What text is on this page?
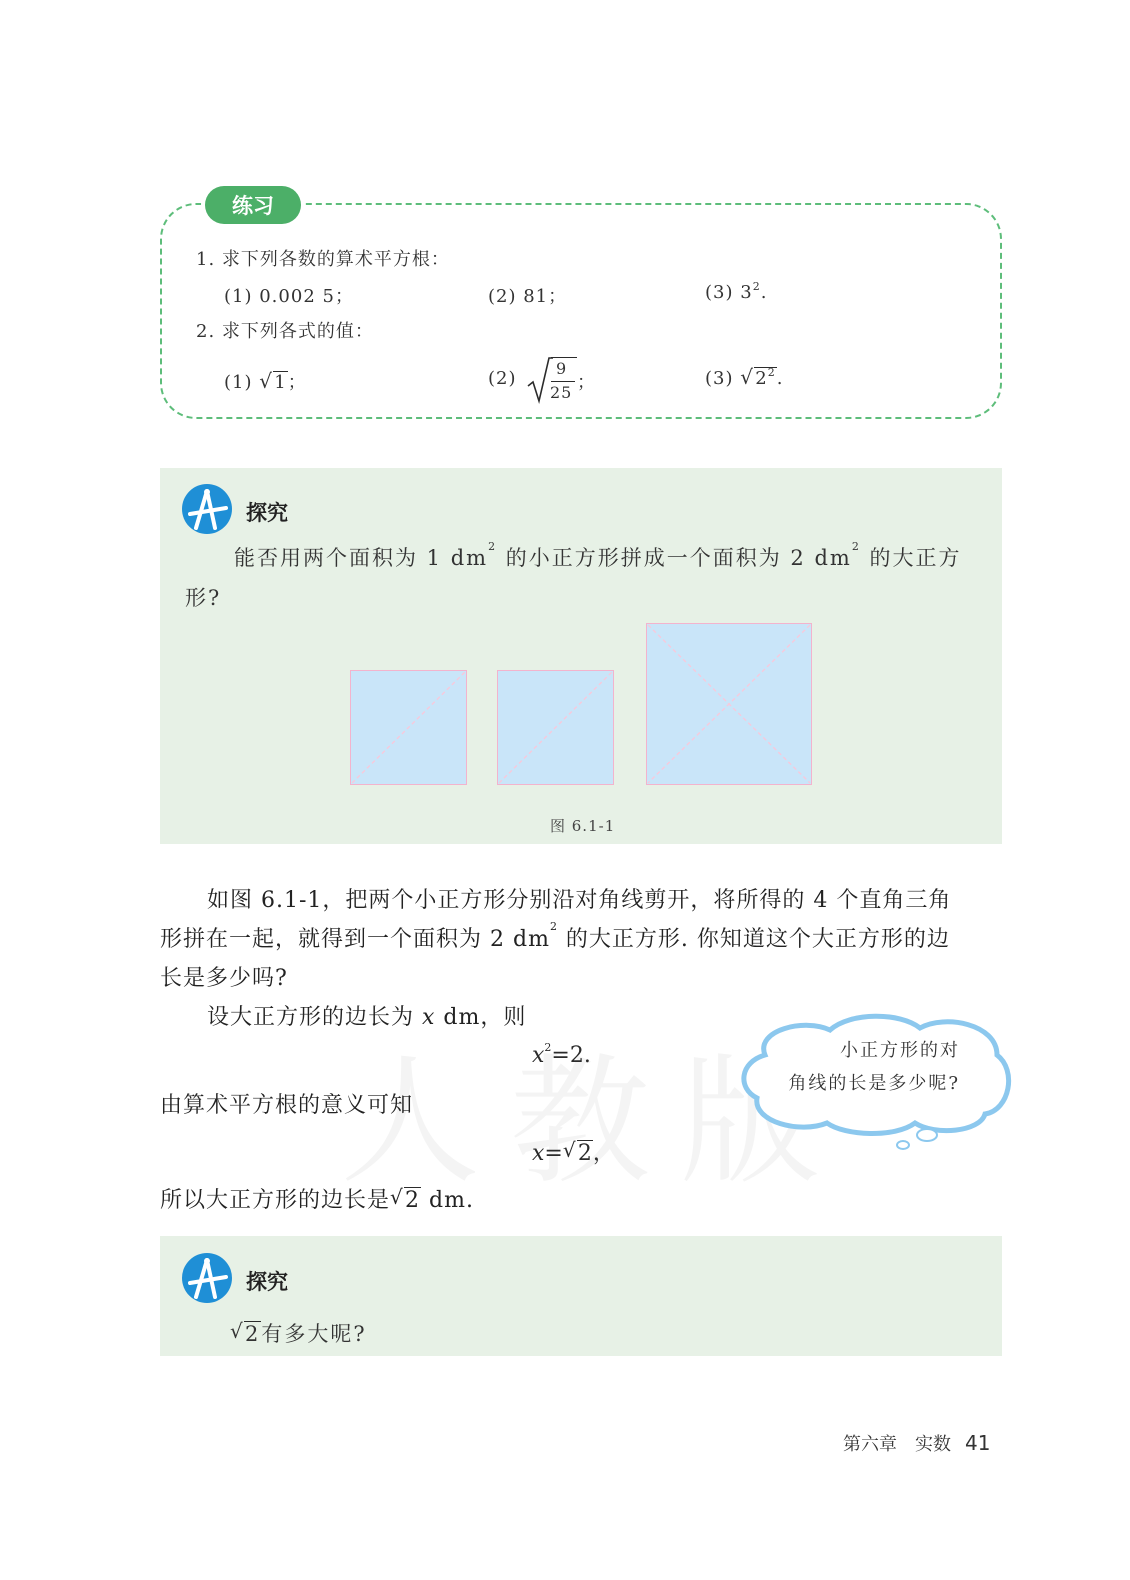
练习
1. 求下列各数的算术平方根：
(1) 0.002 5；	(2) 81；	(3) $3^2$.
2. 求下列各式的值：
(1) √ 1；	(2) 9
25 ；	(3) √ $2^2$.
探究
能否用两个面积为 1 $dm^2$ 的小正方形拼成一个面积为 2 $dm^2$ 的大正方
形?
图 6.1-1
如图 6.1-1，把两个小正方形分别沿对角线剪开，将所得的 4 个直角三角
形拼在一起，就得到一个面积为 2 $dm^2$ 的大正方形. 你知道这个大正方形的边
长是多少吗?
设大正方形的边长为 x dm，则
$x^2=2$.
由算术平方根的意义可知
x= √ 2，
所以大正方形的边长是 √ 2 dm.
小正方形的对
角线的长是多少呢?
探究
√ 2有多大呢?
第六章　实数 41
